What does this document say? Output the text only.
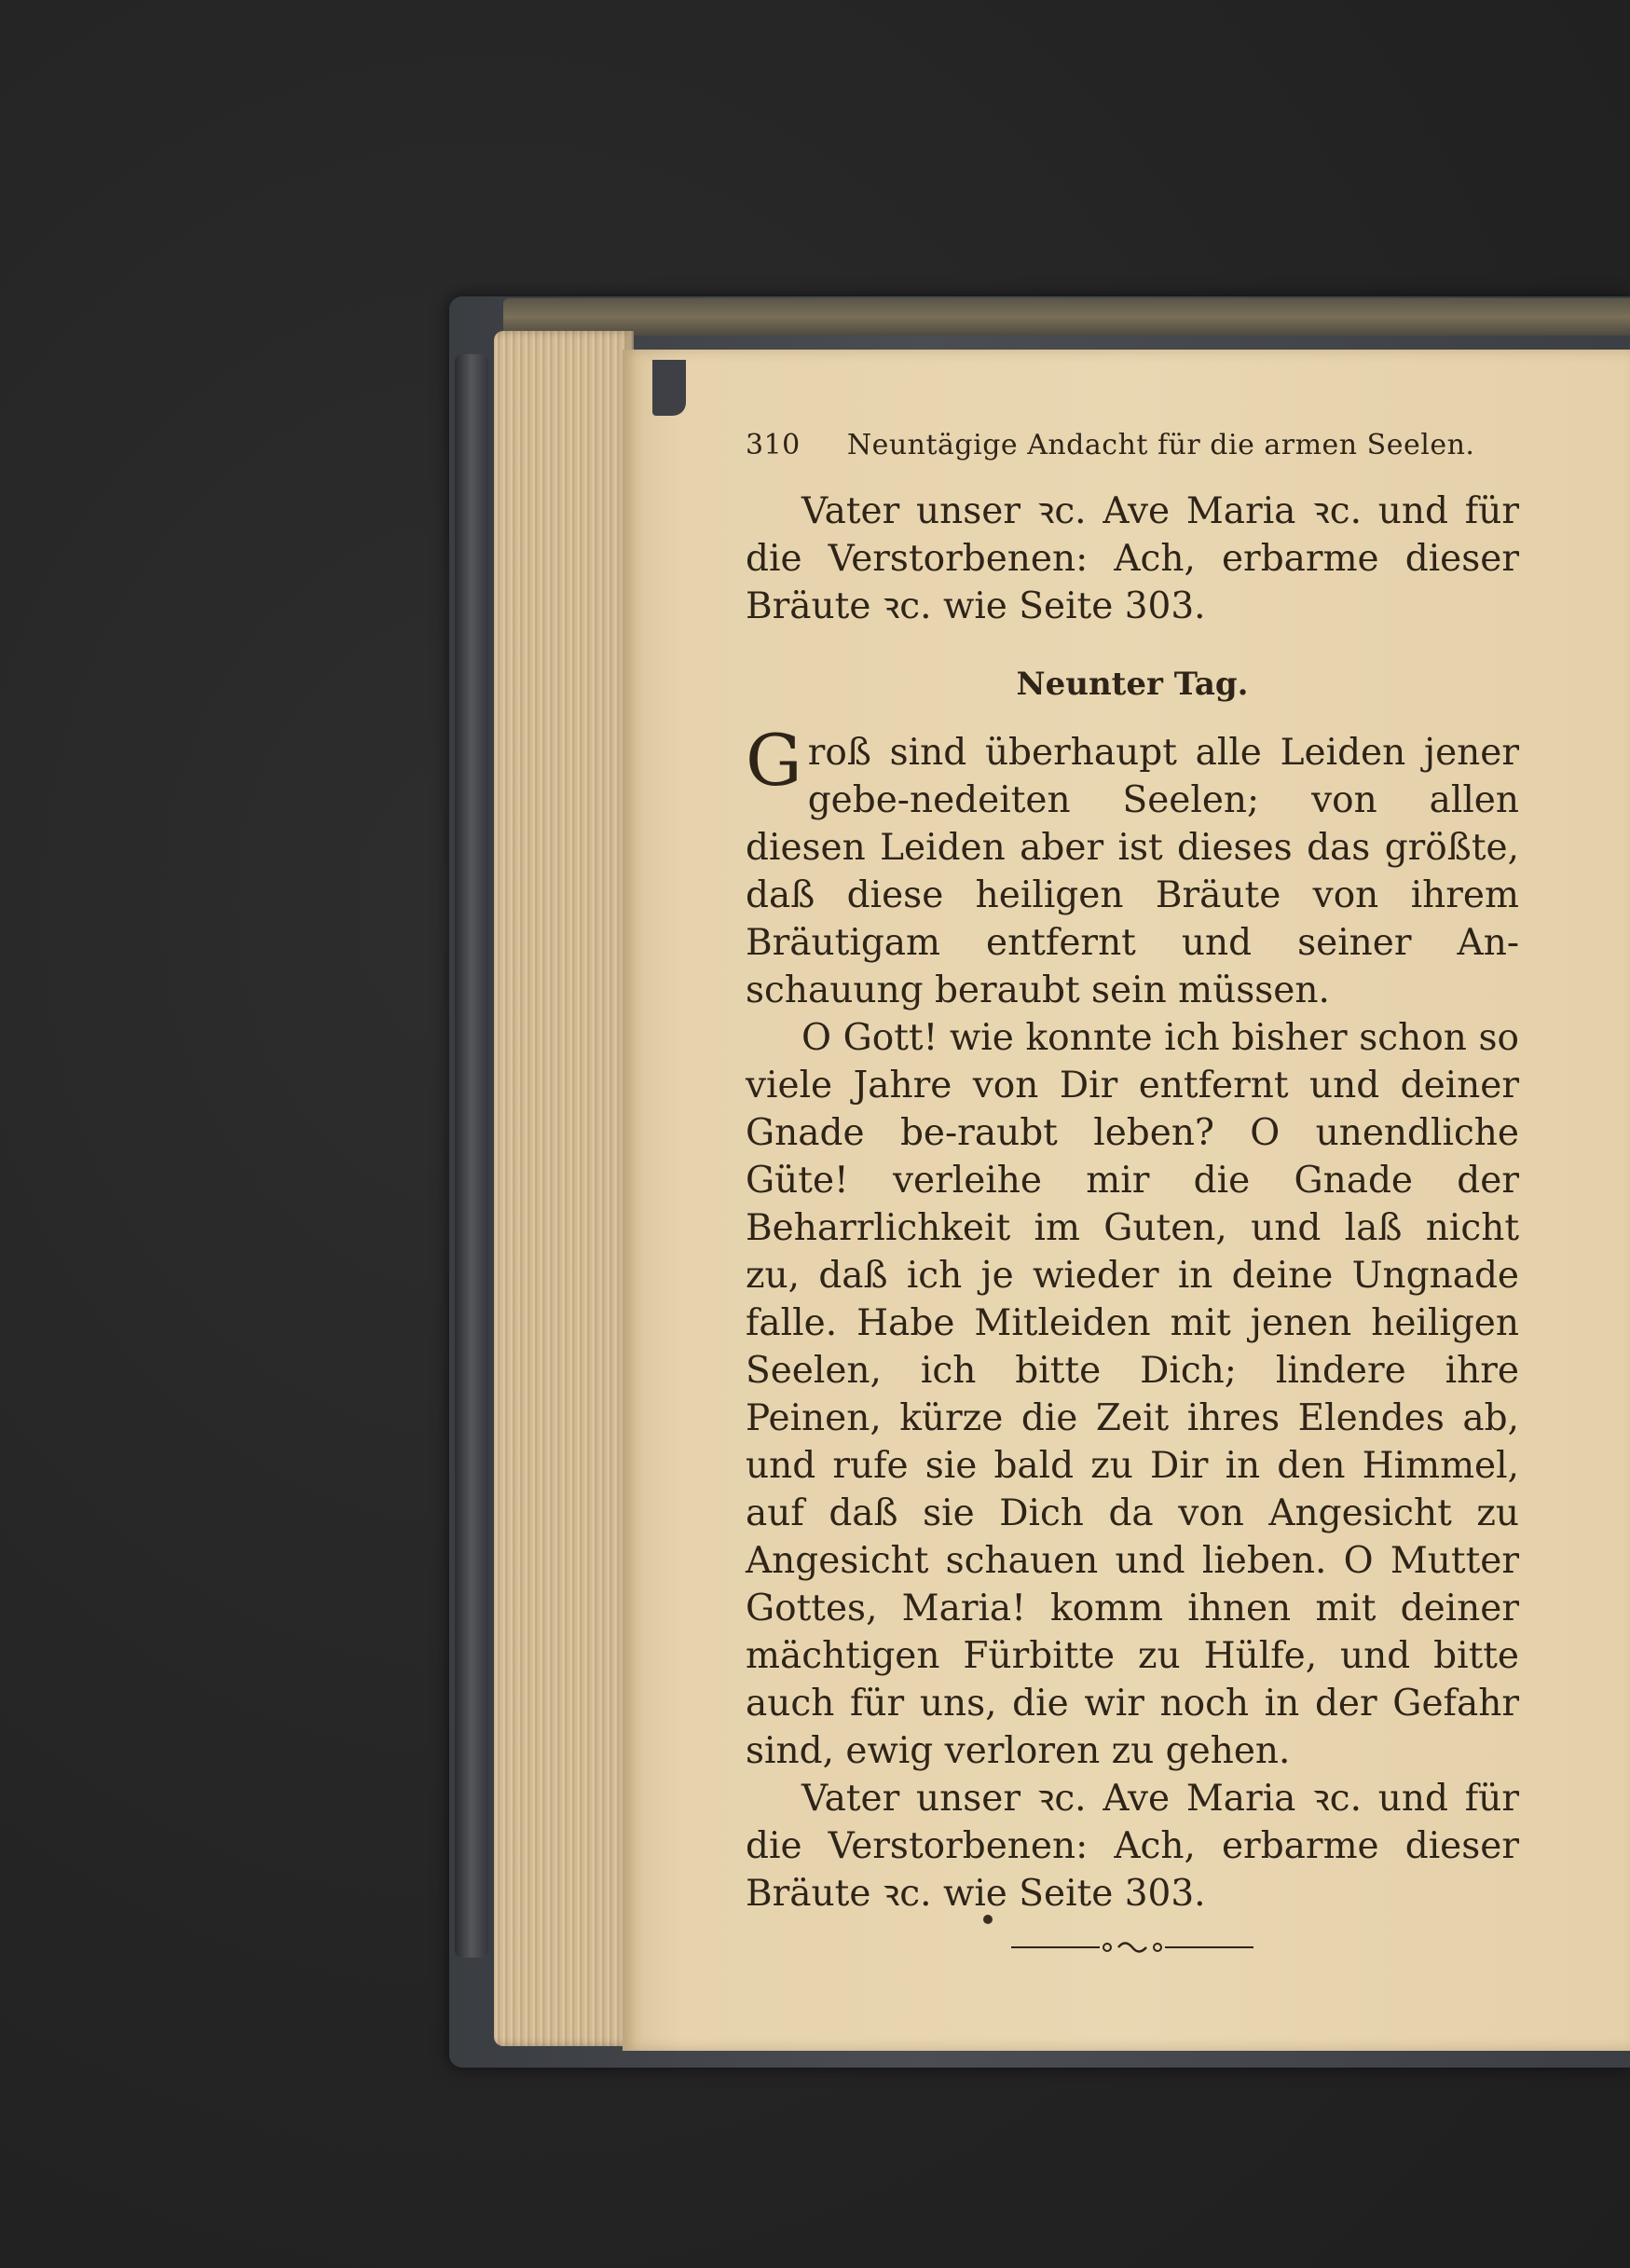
310 Neuntägige Andacht für die armen Seelen.

Vater unser ꝛc. Ave Maria ꝛc. und für die Verstorbenen: Ach, erbarme dieser Bräute ꝛc. wie Seite 303.

Neunter Tag.

Groß sind überhaupt alle Leiden jener gebe-nedeiten Seelen; von allen diesen Leiden aber ist dieses das größte, daß diese heiligen Bräute von ihrem Bräutigam entfernt und seiner An-schauung beraubt sein müssen.

O Gott! wie konnte ich bisher schon so viele Jahre von Dir entfernt und deiner Gnade be-raubt leben? O unendliche Güte! verleihe mir die Gnade der Beharrlichkeit im Guten, und laß nicht zu, daß ich je wieder in deine Ungnade falle. Habe Mitleiden mit jenen heiligen Seelen, ich bitte Dich; lindere ihre Peinen, kürze die Zeit ihres Elendes ab, und rufe sie bald zu Dir in den Himmel, auf daß sie Dich da von Angesicht zu Angesicht schauen und lieben. O Mutter Gottes, Maria! komm ihnen mit deiner mächtigen Fürbitte zu Hülfe, und bitte auch für uns, die wir noch in der Gefahr sind, ewig verloren zu gehen.

Vater unser ꝛc. Ave Maria ꝛc. und für die Verstorbenen: Ach, erbarme dieser Bräute ꝛc. wie Seite 303.
